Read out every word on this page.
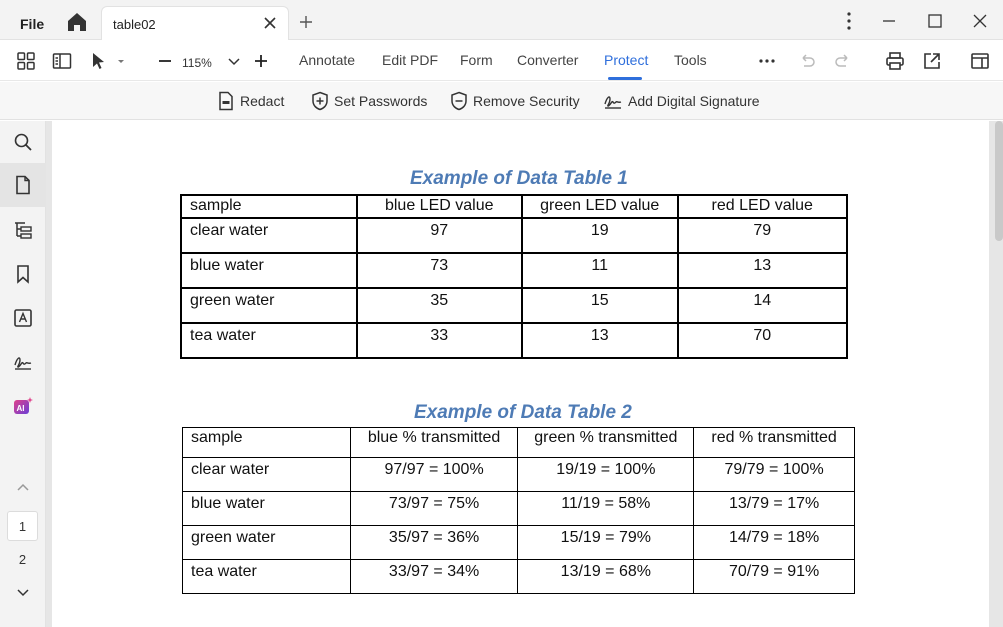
File	table02
115%	Annotate Edit PDF Form Converter Protect Tools
Redact	Set Passwords	Remove Security	Add Digital Signature
AI
1
2
Example of Data Table 1
sample	blue LED value	green LED value	red LED value
clear water	97	19	79
blue water	73	11	13
green water	35	15	14
tea water	33	13	70
Example of Data Table 2
sample	blue % transmitted	green % transmitted	red % transmitted
clear water	97/97 = 100%	19/19 = 100%	79/79 = 100%
blue water	73/97 = 75%	11/19 = 58%	13/79 = 17%
green water	35/97 = 36%	15/19 = 79%	14/79 = 18%
tea water	33/97 = 34%	13/19 = 68%	70/79 = 91%
